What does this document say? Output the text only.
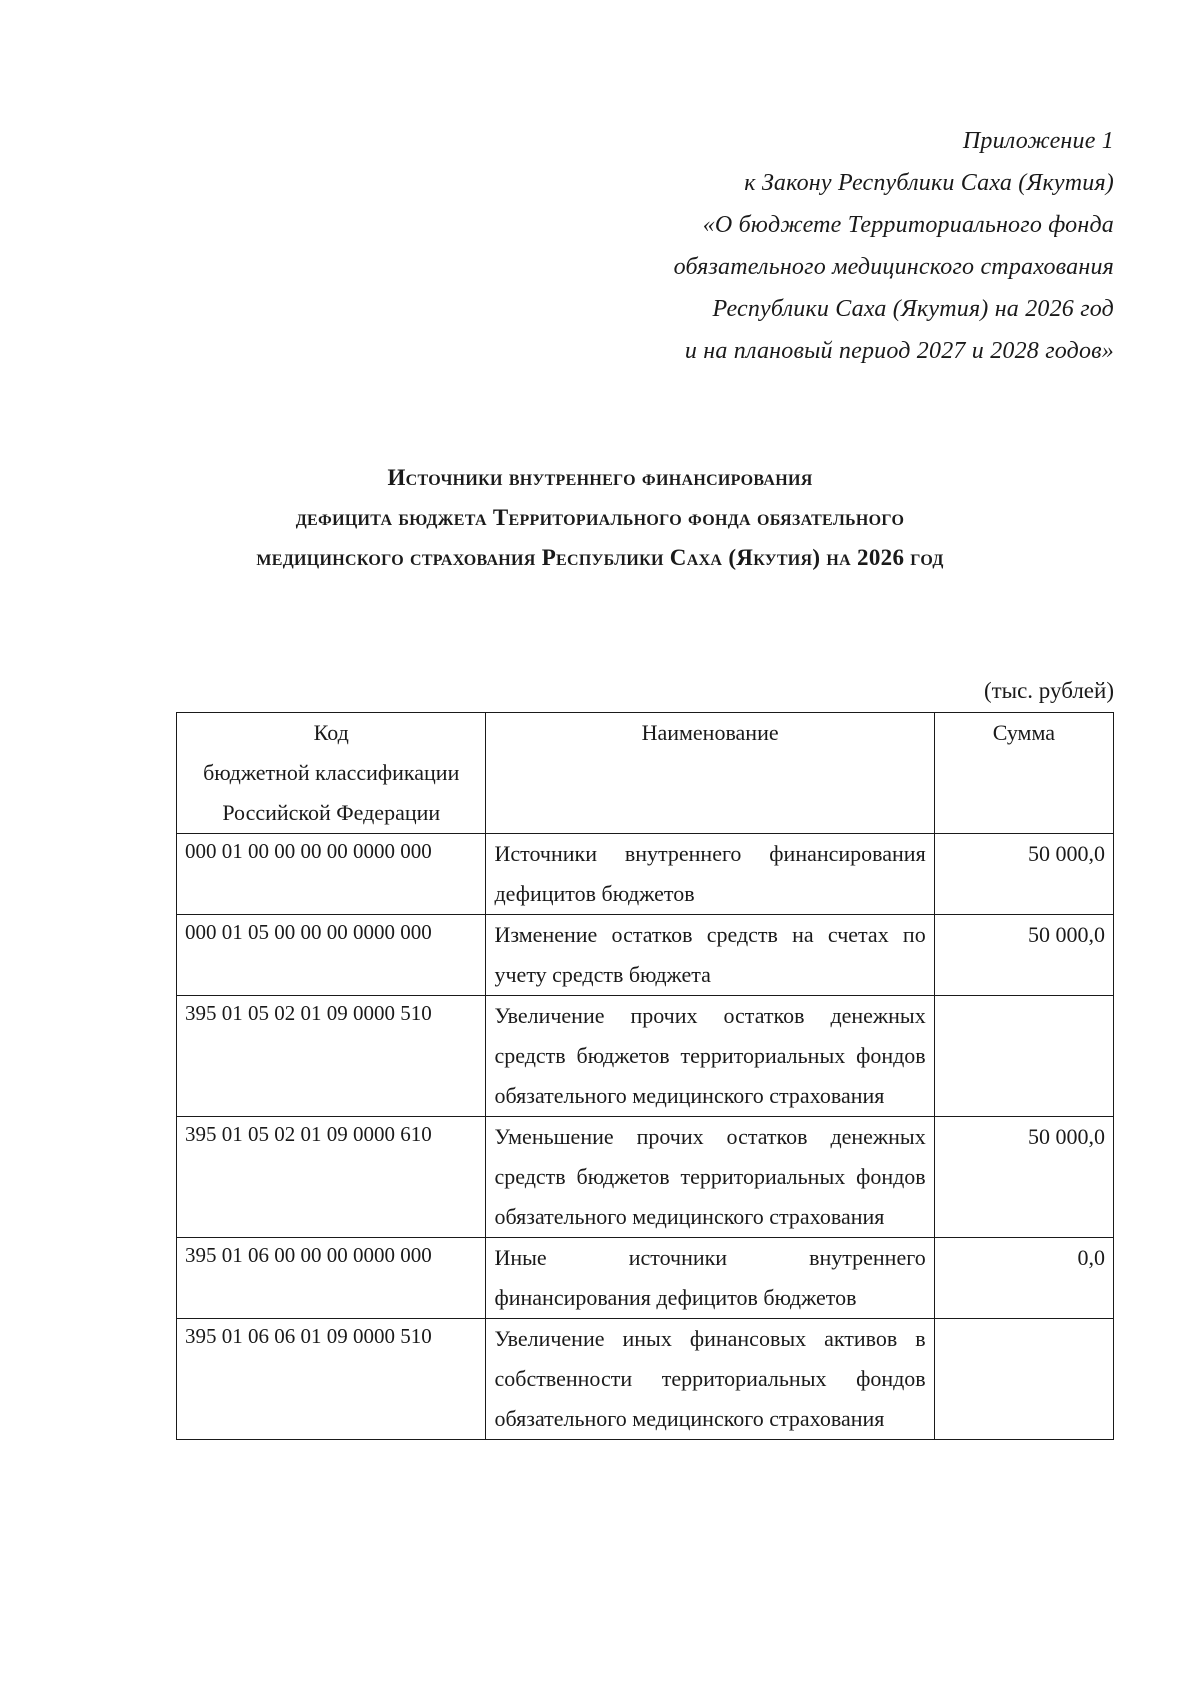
Приложение 1
к Закону Республики Саха (Якутия)
«О бюджете Территориального фонда
обязательного медицинского страхования
Республики Саха (Якутия) на 2026 год
и на плановый период 2027 и 2028 годов»
Источники внутреннего финансирования
дефицита бюджета Территориального фонда обязательного
медицинского страхования Республики Саха (Якутия) на 2026 год
(тыс. рублей)
Код
бюджетной классификации
Российской Федерации	Наименование	Сумма
000 01 00 00 00 00 0000 000	Источники внутреннего финансирования дефицитов бюджетов	50 000,0
000 01 05 00 00 00 0000 000	Изменение остатков средств на счетах по учету средств бюджета	50 000,0
395 01 05 02 01 09 0000 510	Увеличение прочих остатков денежных средств бюджетов территориальных фондов обязательного медицинского страхования	
395 01 05 02 01 09 0000 610	Уменьшение прочих остатков денежных средств бюджетов территориальных фондов обязательного медицинского страхования	50 000,0
395 01 06 00 00 00 0000 000	Иные источники внутреннего финансирования дефицитов бюджетов	0,0
395 01 06 06 01 09 0000 510	Увеличение иных финансовых активов в собственности территориальных фондов обязательного медицинского страхования	
